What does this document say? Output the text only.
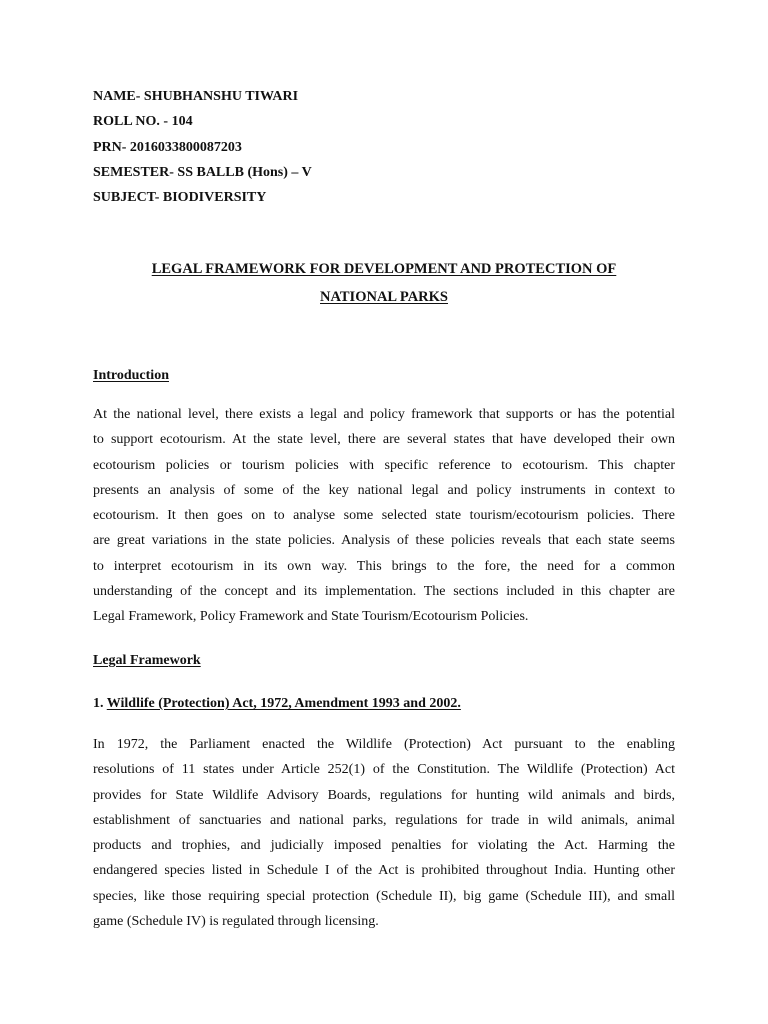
NAME- SHUBHANSHU TIWARI
ROLL NO. - 104
PRN- 2016033800087203
SEMESTER- SS BALLB (Hons) – V
SUBJECT- BIODIVERSITY
LEGAL FRAMEWORK FOR DEVELOPMENT AND PROTECTION OF
NATIONAL PARKS
Introduction
At the national level, there exists a legal and policy framework that supports or has the potential
to support ecotourism. At the state level, there are several states that have developed their own
ecotourism policies or tourism policies with specific reference to ecotourism. This chapter
presents an analysis of some of the key national legal and policy instruments in context to
ecotourism. It then goes on to analyse some selected state tourism/ecotourism policies. There
are great variations in the state policies. Analysis of these policies reveals that each state seems
to interpret ecotourism in its own way. This brings to the fore, the need for a common
understanding of the concept and its implementation. The sections included in this chapter are
Legal Framework, Policy Framework and State Tourism/Ecotourism Policies.
Legal Framework
1. Wildlife (Protection) Act, 1972, Amendment 1993 and 2002.
In 1972, the Parliament enacted the Wildlife (Protection) Act pursuant to the enabling
resolutions of 11 states under Article 252(1) of the Constitution. The Wildlife (Protection) Act
provides for State Wildlife Advisory Boards, regulations for hunting wild animals and birds,
establishment of sanctuaries and national parks, regulations for trade in wild animals, animal
products and trophies, and judicially imposed penalties for violating the Act. Harming the
endangered species listed in Schedule I of the Act is prohibited throughout India. Hunting other
species, like those requiring special protection (Schedule II), big game (Schedule III), and small
game (Schedule IV) is regulated through licensing.
